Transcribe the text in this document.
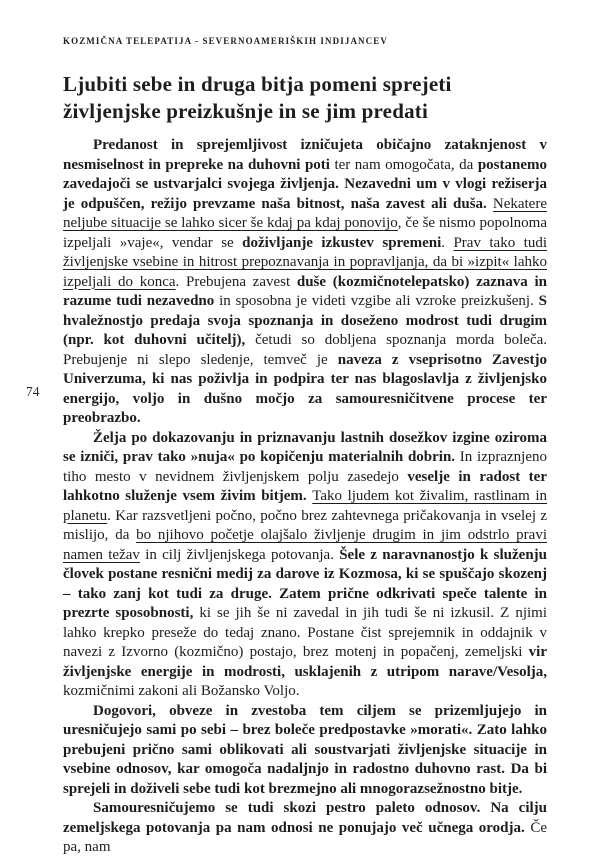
KOZMIČNA TELEPATIJA - SEVERNOAMERIŠKIH INDIJANCEV
Ljubiti sebe in druga bitja pomeni sprejeti življenjske preizkušnje in se jim predati
74

Predanost in sprejemljivost izničujeta običajno zataknjenost v nesmiselnost in prepreke na duhovni poti ter nam omogočata, da postanemo zavedajoči se ustvarjalci svojega življenja. Nezavedni um v vlogi režiserja je odpuščen, režijo prevzame naša bitnost, naša zavest ali duša. Nekatere neljube situacije se lahko sicer še kdaj pa kdaj ponovijo, če še nismo popolnoma izpeljali »vaje«, vendar se doživljanje izkustev spremeni. Prav tako tudi življenjske vsebine in hitrost prepoznavanja in popravljanja, da bi »izpit« lahko izpeljali do konca. Prebujena zavest duše (kozmičnotelepatsko) zaznava in razume tudi nezavedno in sposobna je videti vzgibe ali vzroke preizkušenj. S hvaležnostjo predaja svoja spoznanja in doseženo modrost tudi drugim (npr. kot duhovni učitelj), četudi so dobljena spoznanja morda boleča. Prebujenje ni slepo sledenje, temveč je naveza z vseprisotno Zavestjo Univerzuma, ki nas poživlja in podpira ter nas blagoslavlja z življenjsko energijo, voljo in dušno močjo za samouresničitvene procese ter preobrazbo.

Želja po dokazovanju in priznavanju lastnih dosežkov izgine oziroma se izniči, prav tako »nuja« po kopičenju materialnih dobrin. In izpraznjeno tiho mesto v nevidnem življenjskem polju zasedejo veselje in radost ter lahkotno služenje vsem živim bitjem. Tako ljudem kot živalim, rastlinam in planetu. Kar razsvetljeni počno, počno brez zahtevnega pričakovanja in vselej z mislijo, da bo njihovo početje olajšalo življenje drugim in jim odstrlo pravi namen težav in cilj življenjskega potovanja. Šele z naravnanostjo k služenju človek postane resnični medij za darove iz Kozmosa, ki se spuščajo skozenj – tako zanj kot tudi za druge. Zatem prične odkrivati speče talente in prezrte sposobnosti, ki se jih še ni zavedal in jih tudi še ni izkusil. Z njimi lahko krepko preseže do tedaj znano. Postane čist sprejemnik in oddajnik v navezi z Izvorno (kozmično) postajo, brez motenj in popačenj, zemeljski vir življenjske energije in modrosti, usklajenih z utripom narave/Vesolja, kozmičnimi zakoni ali Božansko Voljo.

Dogovori, obveze in zvestoba tem ciljem se prizemljujejo in uresničujejo sami po sebi – brez boleče predpostavke »morati«. Zato lahko prebujeni prično sami oblikovati ali soustvarjati življenjske situacije in vsebine odnosov, kar omogoča nadaljnjo in radostno duhovno rast. Da bi sprejeli in doživeli sebe tudi kot brezmejno ali mnogorazsežnostno bitje.

Samouresničujemo se tudi skozi pestro paleto odnosov. Na cilju zemeljskega potovanja pa nam odnosi ne ponujajo več učnega orodja. Če pa, nam
